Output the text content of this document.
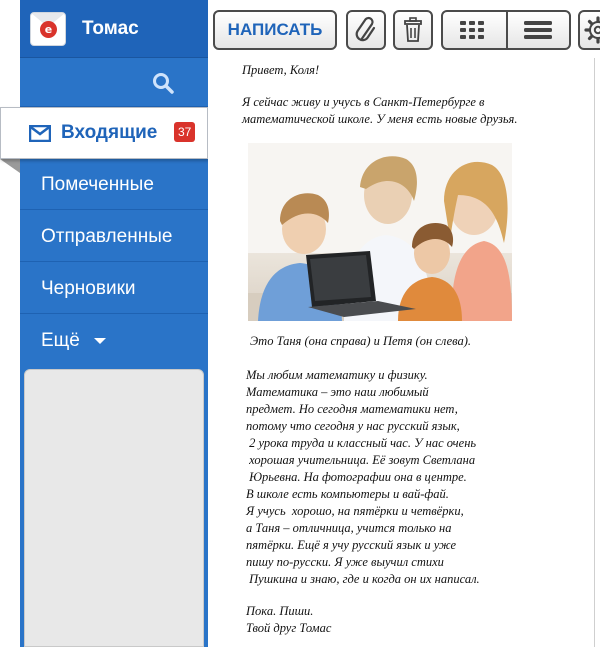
e Томас
Помеченные
Отправленные
Черновики
Ещё
Входящие	37
НАПИСАТЬ
Привет, Коля!
Я сейчас живу и учусь в Санкт-Петербурге в
математической школе. У меня есть новые друзья.
Это Таня (она справа) и Петя (он слева).
Мы любим математику и физику.
Математика – это наш любимый
предмет. Но сегодня математики нет,
потому что сегодня у нас русский язык,
2 урока труда и классный час. У нас очень
хорошая учительница. Её зовут Светлана
Юрьевна. На фотографии она в центре.
В школе есть компьютеры и вай-фай.
Я учусь  хорошо, на пятёрки и четвёрки,
а Таня – отличница, учится только на
пятёрки. Ещё я учу русский язык и уже
пишу по-русски. Я уже выучил стихи
Пушкина и знаю, где и когда он их написал.
Пока. Пиши.
Твой друг Томас
